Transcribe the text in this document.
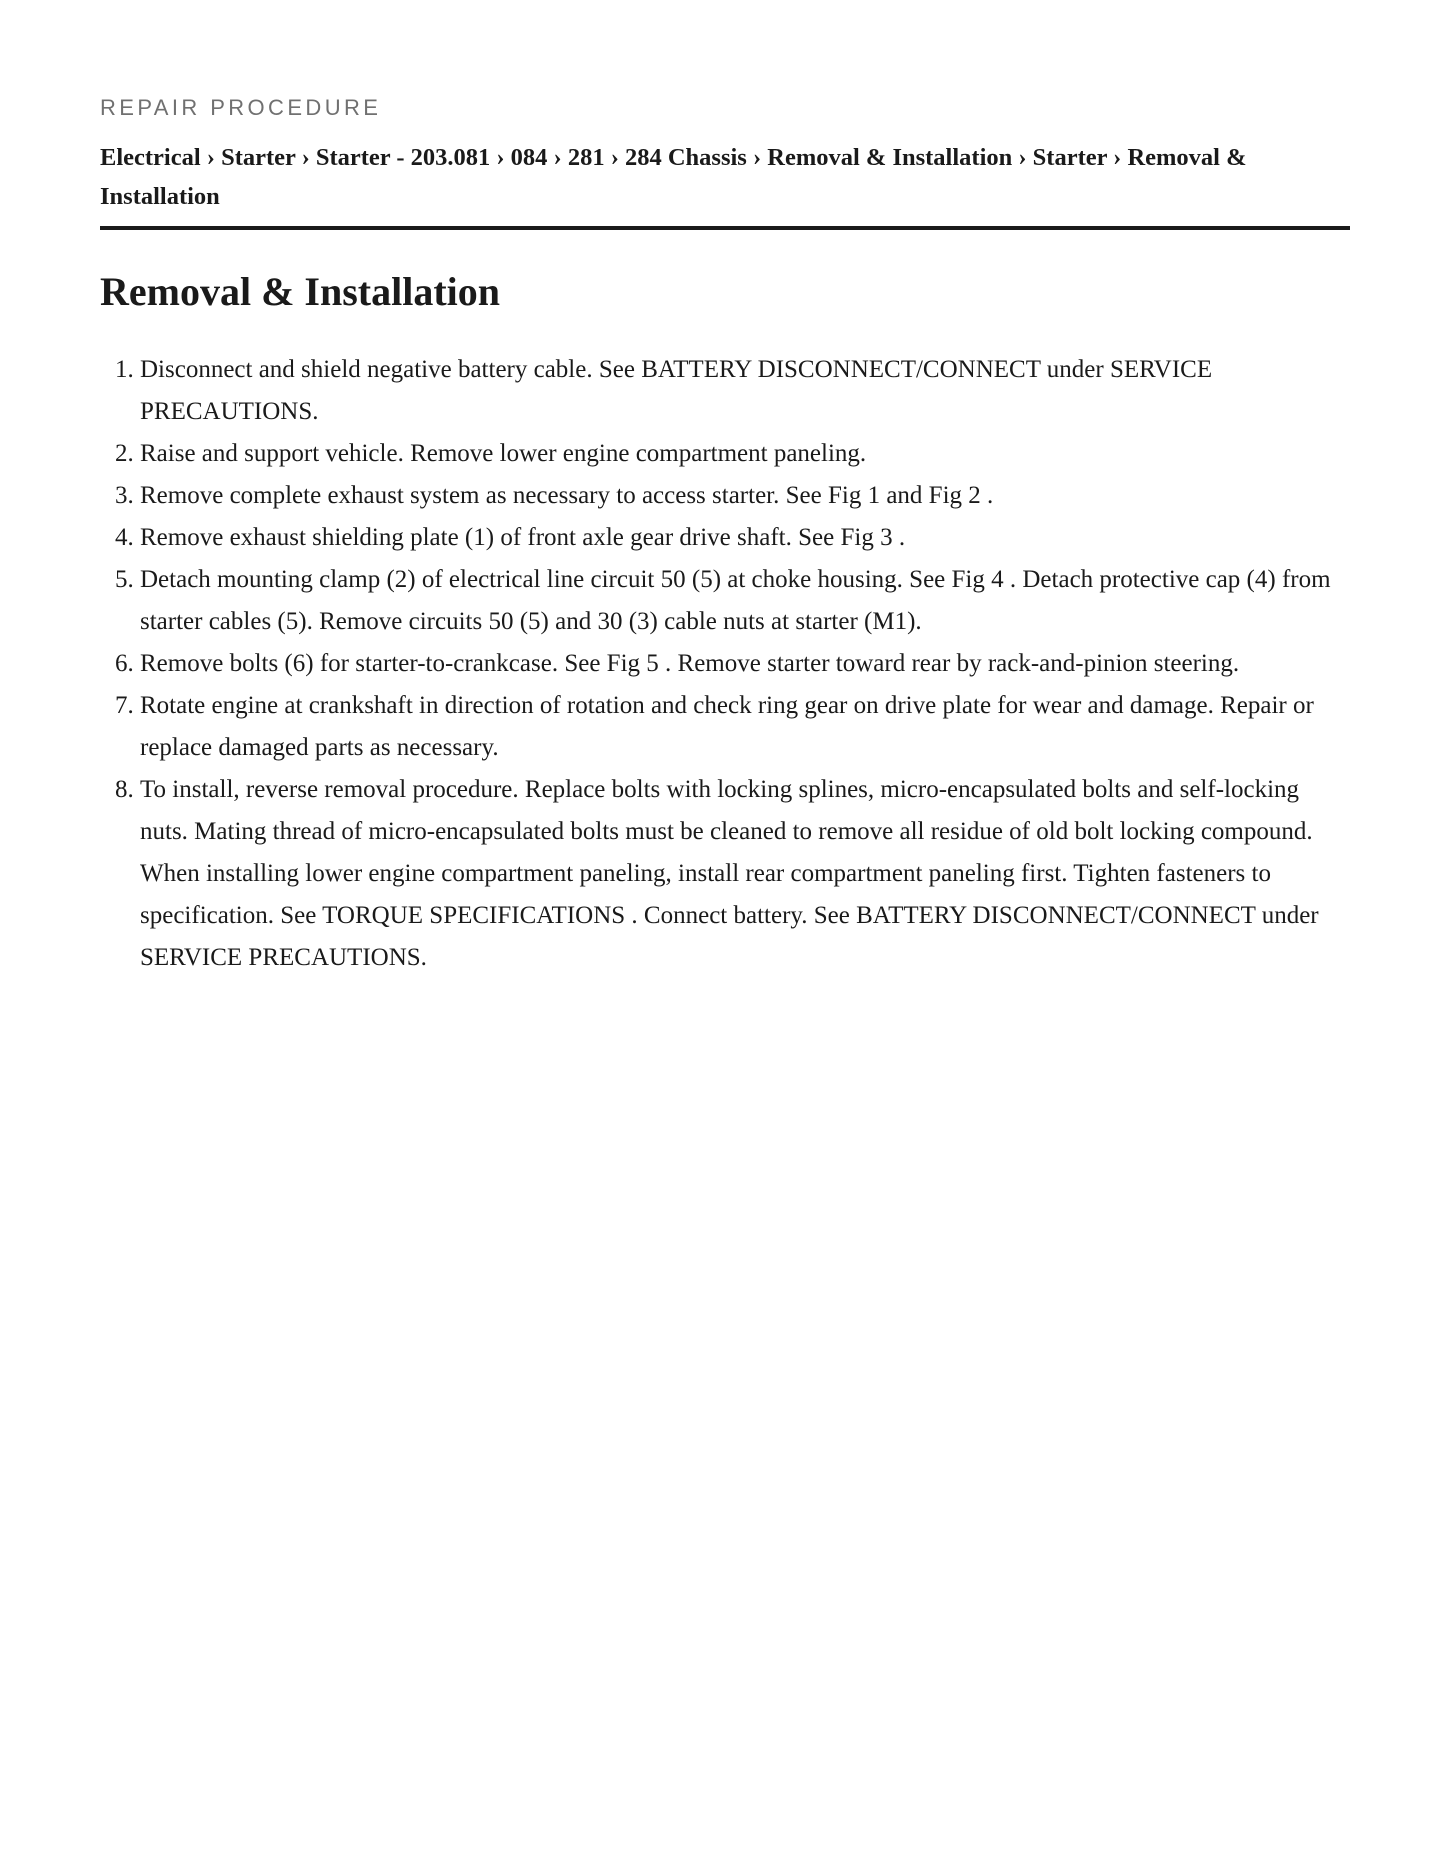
REPAIR PROCEDURE

Electrical › Starter › Starter - 203.081 › 084 › 281 › 284 Chassis › Removal & Installation › Starter › Removal & Installation

Removal & Installation
1. Disconnect and shield negative battery cable. See BATTERY DISCONNECT/CONNECT under SERVICE PRECAUTIONS.
2. Raise and support vehicle. Remove lower engine compartment paneling.
3. Remove complete exhaust system as necessary to access starter. See Fig 1 and Fig 2 .
4. Remove exhaust shielding plate (1) of front axle gear drive shaft. See Fig 3 .
5. Detach mounting clamp (2) of electrical line circuit 50 (5) at choke housing. See Fig 4 . Detach protective cap (4) from starter cables (5). Remove circuits 50 (5) and 30 (3) cable nuts at starter (M1).
6. Remove bolts (6) for starter-to-crankcase. See Fig 5 . Remove starter toward rear by rack-and-pinion steering.
7. Rotate engine at crankshaft in direction of rotation and check ring gear on drive plate for wear and damage. Repair or replace damaged parts as necessary.
8. To install, reverse removal procedure. Replace bolts with locking splines, micro-encapsulated bolts and self-locking nuts. Mating thread of micro-encapsulated bolts must be cleaned to remove all residue of old bolt locking compound. When installing lower engine compartment paneling, install rear compartment paneling first. Tighten fasteners to specification. See TORQUE SPECIFICATIONS . Connect battery. See BATTERY DISCONNECT/CONNECT under SERVICE PRECAUTIONS.
